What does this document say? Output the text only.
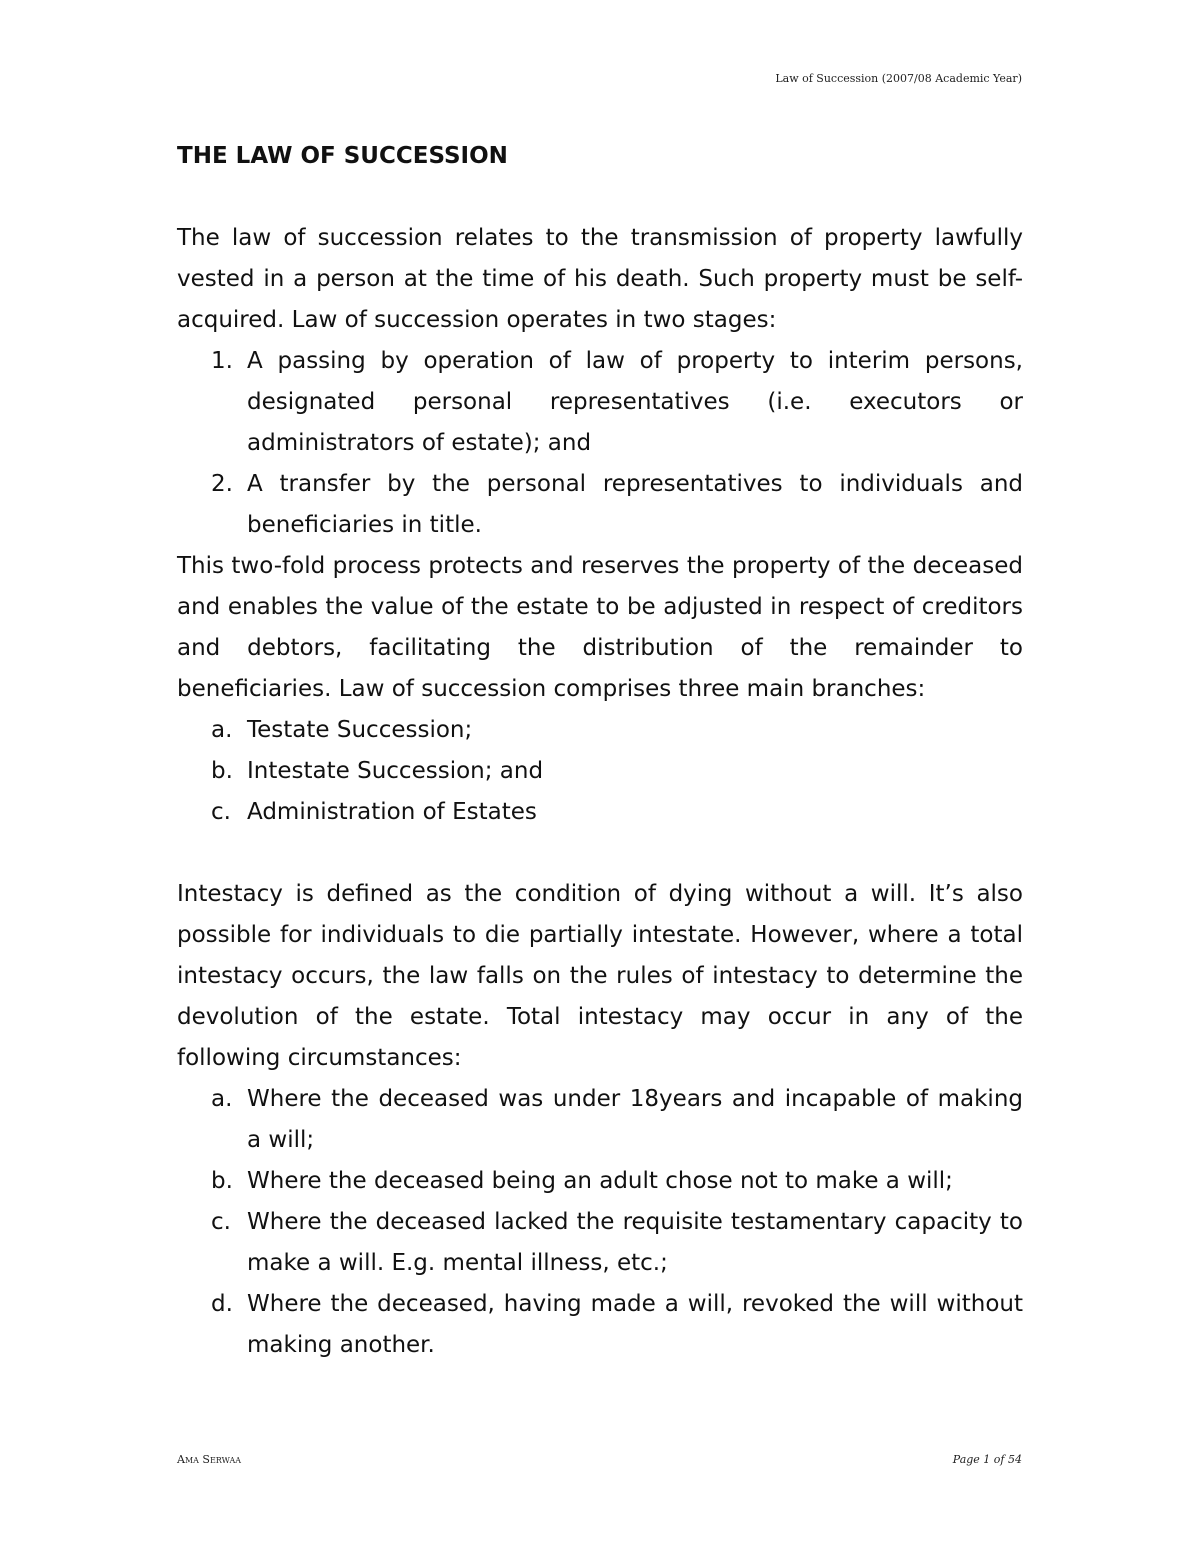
Law of Succession (2007/08 Academic Year)
THE LAW OF SUCCESSION

The law of succession relates to the transmission of property lawfully vested in a person at the time of his death. Such property must be self-acquired. Law of succession operates in two stages:

1. A passing by operation of law of property to interim persons, designated personal representatives (i.e. executors or administrators of estate); and
2. A transfer by the personal representatives to individuals and beneficiaries in title.

This two-fold process protects and reserves the property of the deceased and enables the value of the estate to be adjusted in respect of creditors and debtors, facilitating the distribution of the remainder to beneficiaries. Law of succession comprises three main branches:

a. Testate Succession;
b. Intestate Succession; and
c. Administration of Estates

Intestacy is defined as the condition of dying without a will. It’s also possible for individuals to die partially intestate. However, where a total intestacy occurs, the law falls on the rules of intestacy to determine the devolution of the estate. Total intestacy may occur in any of the following circumstances:

a. Where the deceased was under 18years and incapable of making a will;
b. Where the deceased being an adult chose not to make a will;
c. Where the deceased lacked the requisite testamentary capacity to make a will. E.g. mental illness, etc.;
d. Where the deceased, having made a will, revoked the will without making another.
Ama Serwaa	Page 1 of 54
